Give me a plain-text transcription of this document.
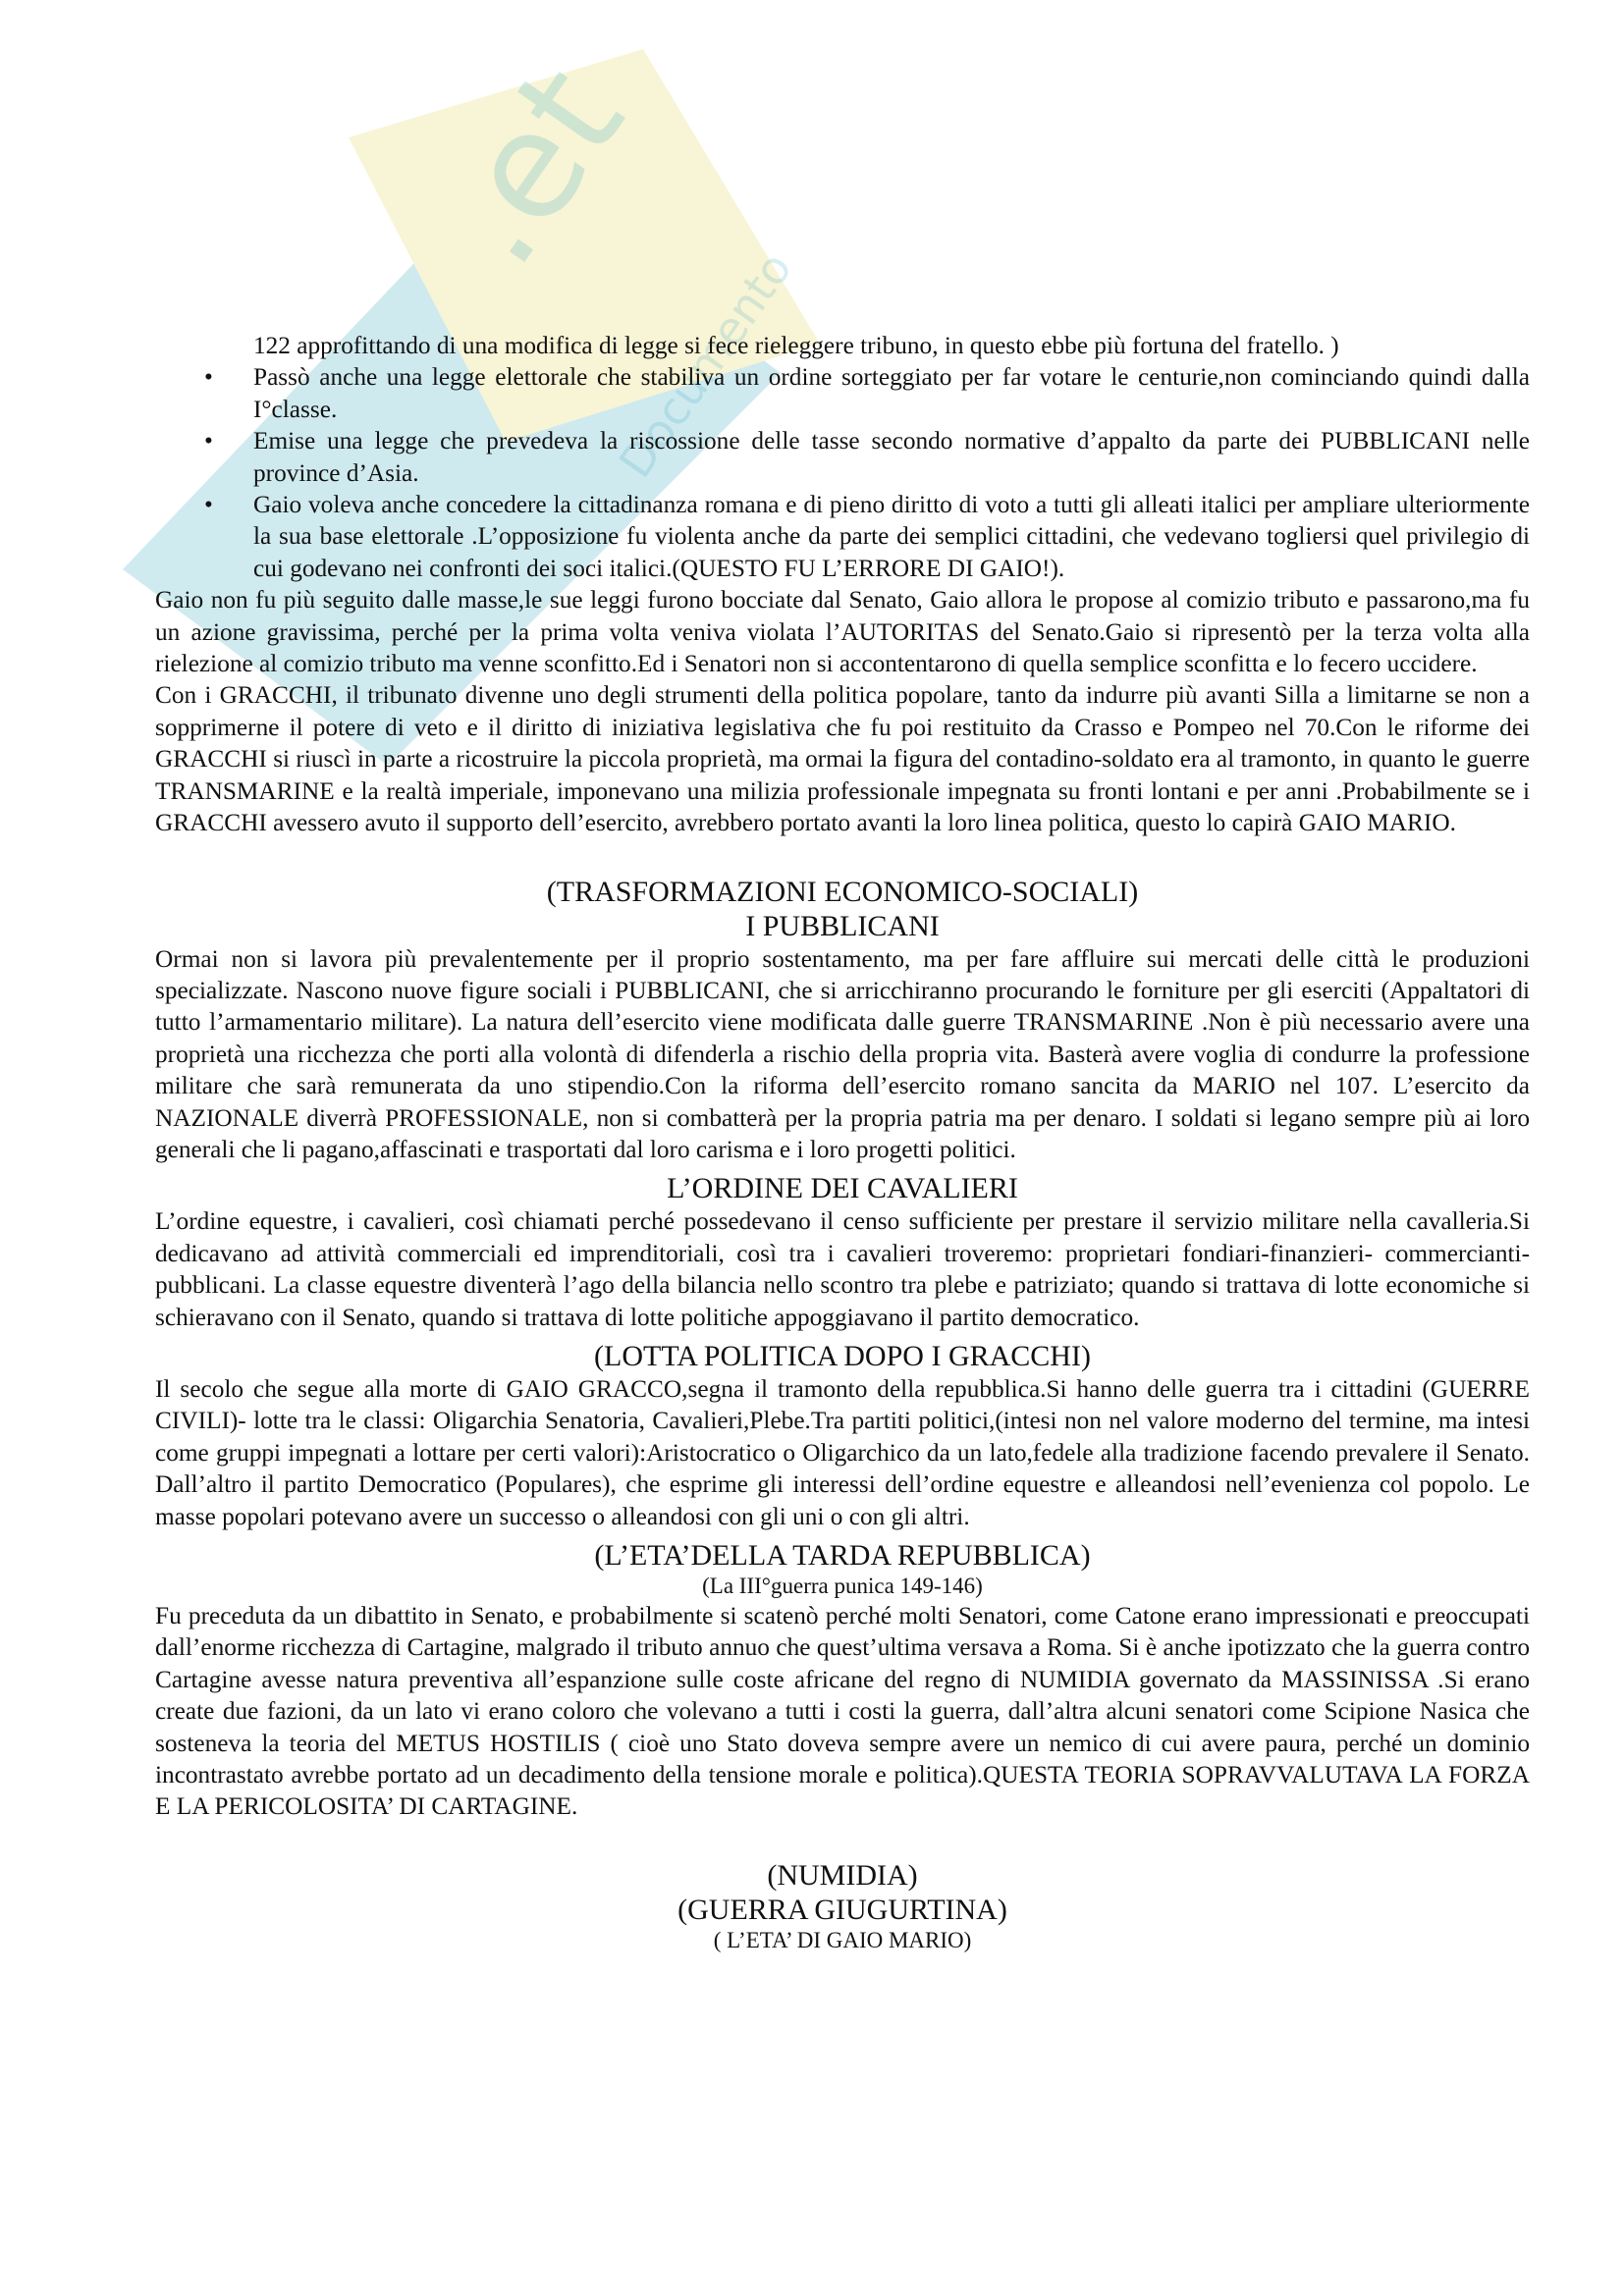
.et
Documento

122 approfittando di una modifica di legge si fece rieleggere tribuno, in questo ebbe più fortuna del fratello. )

• Passò anche una legge elettorale che stabiliva un ordine sorteggiato per far votare le centurie,non cominciando quindi dalla I°classe.
• Emise una legge che prevedeva la riscossione delle tasse secondo normative d’appalto da parte dei PUBBLICANI nelle province d’Asia.
• Gaio voleva anche concedere la cittadinanza romana e di pieno diritto di voto a tutti gli alleati italici per ampliare ulteriormente la sua base elettorale .L’opposizione fu violenta anche da parte dei semplici cittadini, che vedevano togliersi quel privilegio di cui godevano nei confronti dei soci italici.(QUESTO FU L’ERRORE DI GAIO!).

Gaio non fu più seguito dalle masse,le sue leggi furono bocciate dal Senato, Gaio allora le propose al comizio tributo e passarono,ma fu un azione gravissima, perché per la prima volta veniva violata l’AUTORITAS del Senato.Gaio si ripresentò per la terza volta alla rielezione al comizio tributo ma venne sconfitto.Ed i Senatori non si accontentarono di quella semplice sconfitta e lo fecero uccidere.

Con i GRACCHI, il tribunato divenne uno degli strumenti della politica popolare, tanto da indurre più avanti Silla a limitarne se non a sopprimerne il potere di veto e il diritto di iniziativa legislativa che fu poi restituito da Crasso e Pompeo nel 70.Con le riforme dei GRACCHI si riuscì in parte a ricostruire la piccola proprietà, ma ormai la figura del contadino-soldato era al tramonto, in quanto le guerre TRANSMARINE e la realtà imperiale, imponevano una milizia professionale impegnata su fronti lontani e per anni .Probabilmente se i GRACCHI avessero avuto il supporto dell’esercito, avrebbero portato avanti la loro linea politica, questo lo capirà GAIO MARIO.

(TRASFORMAZIONI ECONOMICO-SOCIALI)
I PUBBLICANI

Ormai non si lavora più prevalentemente per il proprio sostentamento, ma per fare affluire sui mercati delle città le produzioni specializzate. Nascono nuove figure sociali i PUBBLICANI, che si arricchiranno procurando le forniture per gli eserciti (Appaltatori di tutto l’armamentario militare). La natura dell’esercito viene modificata dalle guerre TRANSMARINE .Non è più necessario avere una proprietà una ricchezza che porti alla volontà di difenderla a rischio della propria vita. Basterà avere voglia di condurre la professione militare che sarà remunerata da uno stipendio.Con la riforma dell’esercito romano sancita da MARIO nel 107. L’esercito da NAZIONALE diverrà PROFESSIONALE, non si combatterà per la propria patria ma per denaro. I soldati si legano sempre più ai loro generali che li pagano,affascinati e trasportati dal loro carisma e i loro progetti politici.

L’ORDINE DEI CAVALIERI

L’ordine equestre, i cavalieri, così chiamati perché possedevano il censo sufficiente per prestare il servizio militare nella cavalleria.Si dedicavano ad attività commerciali ed imprenditoriali, così tra i cavalieri troveremo: proprietari fondiari-finanzieri- commercianti- pubblicani. La classe equestre diventerà l’ago della bilancia nello scontro tra plebe e patriziato; quando si trattava di lotte economiche si schieravano con il Senato, quando si trattava di lotte politiche appoggiavano il partito democratico.

(LOTTA POLITICA DOPO I GRACCHI)

Il secolo che segue alla morte di GAIO GRACCO,segna il tramonto della repubblica.Si hanno delle guerra tra i cittadini (GUERRE CIVILI)- lotte tra le classi: Oligarchia Senatoria, Cavalieri,Plebe.Tra partiti politici,(intesi non nel valore moderno del termine, ma intesi come gruppi impegnati a lottare per certi valori):Aristocratico o Oligarchico da un lato,fedele alla tradizione facendo prevalere il Senato. Dall’altro il partito Democratico (Populares), che esprime gli interessi dell’ordine equestre e alleandosi nell’evenienza col popolo. Le masse popolari potevano avere un successo o alleandosi con gli uni o con gli altri.

(L’ETA’DELLA TARDA REPUBBLICA)
(La III°guerra punica 149-146)

Fu preceduta da un dibattito in Senato, e probabilmente si scatenò perché molti Senatori, come Catone erano impressionati e preoccupati dall’enorme ricchezza di Cartagine, malgrado il tributo annuo che quest’ultima versava a Roma. Si è anche ipotizzato che la guerra contro Cartagine avesse natura preventiva all’espanzione sulle coste africane del regno di NUMIDIA governato da MASSINISSA .Si erano create due fazioni, da un lato vi erano coloro che volevano a tutti i costi la guerra, dall’altra alcuni senatori come Scipione Nasica che sosteneva la teoria del METUS HOSTILIS ( cioè uno Stato doveva sempre avere un nemico di cui avere paura, perché un dominio incontrastato avrebbe portato ad un decadimento della tensione morale e politica).QUESTA TEORIA SOPRAVVALUTAVA LA FORZA E LA PERICOLOSITA’ DI CARTAGINE.

(NUMIDIA)
(GUERRA GIUGURTINA)
( L’ETA’ DI GAIO MARIO)
